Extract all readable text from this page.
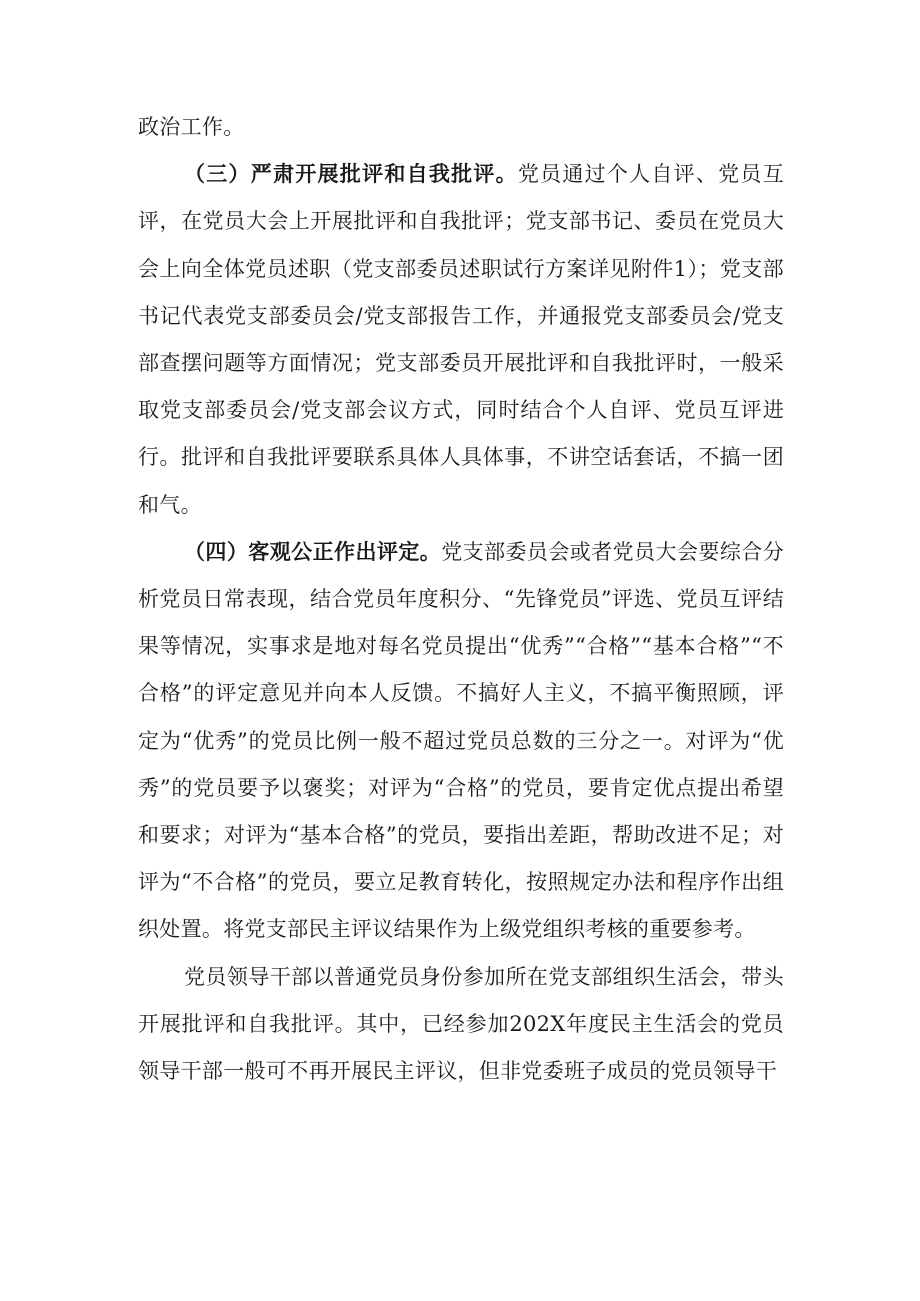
政治工作。

（三）严肃开展批评和自我批评。党员通过个人自评、党员互评，在党员大会上开展批评和自我批评；党支部书记、委员在党员大会上向全体党员述职（党支部委员述职试行方案详见附件1）；党支部书记代表党支部委员会/党支部报告工作，并通报党支部委员会/党支部查摆问题等方面情况；党支部委员开展批评和自我批评时，一般采取党支部委员会/党支部会议方式，同时结合个人自评、党员互评进行。批评和自我批评要联系具体人具体事，不讲空话套话，不搞一团和气。

（四）客观公正作出评定。党支部委员会或者党员大会要综合分析党员日常表现，结合党员年度积分、“先锋党员”评选、党员互评结果等情况，实事求是地对每名党员提出“优秀”“合格”“基本合格”“不合格”的评定意见并向本人反馈。不搞好人主义，不搞平衡照顾，评定为“优秀”的党员比例一般不超过党员总数的三分之一。对评为“优秀”的党员要予以褒奖；对评为“合格”的党员，要肯定优点提出希望和要求；对评为“基本合格”的党员，要指出差距，帮助改进不足；对评为“不合格”的党员，要立足教育转化，按照规定办法和程序作出组织处置。将党支部民主评议结果作为上级党组织考核的重要参考。

党员领导干部以普通党员身份参加所在党支部组织生活会，带头开展批评和自我批评。其中，已经参加202X年度民主生活会的党员领导干部一般可不再开展民主评议，但非党委班子成员的党员领导干
